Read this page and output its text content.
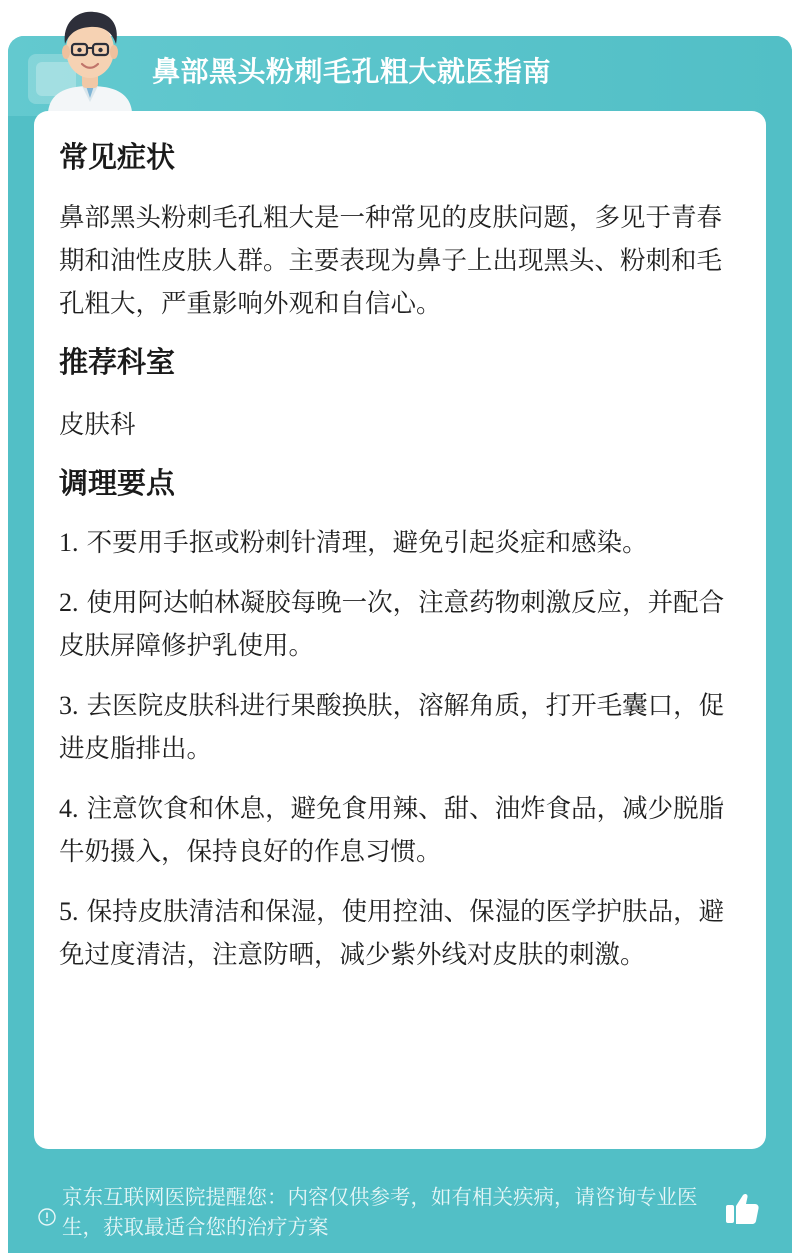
京东互联网医院提醒您：内容仅供参考，如有相关疾病，请咨询专业医生，获取最适合您的治疗方案

鼻部黑头粉刺毛孔粗大就医指南
常见症状

鼻部黑头粉刺毛孔粗大是一种常见的皮肤问题，多见于青春期和油性皮肤人群。主要表现为鼻子上出现黑头、粉刺和毛孔粗大，严重影响外观和自信心。

推荐科室

皮肤科

调理要点
1. 不要用手抠或粉刺针清理，避免引起炎症和感染。
2. 使用阿达帕林凝胶每晚一次，注意药物刺激反应，并配合皮肤屏障修护乳使用。
3. 去医院皮肤科进行果酸换肤，溶解角质，打开毛囊口，促进皮脂排出。
4. 注意饮食和休息，避免食用辣、甜、油炸食品，减少脱脂牛奶摄入，保持良好的作息习惯。
5. 保持皮肤清洁和保湿，使用控油、保湿的医学护肤品，避免过度清洁，注意防晒，减少紫外线对皮肤的刺激。
